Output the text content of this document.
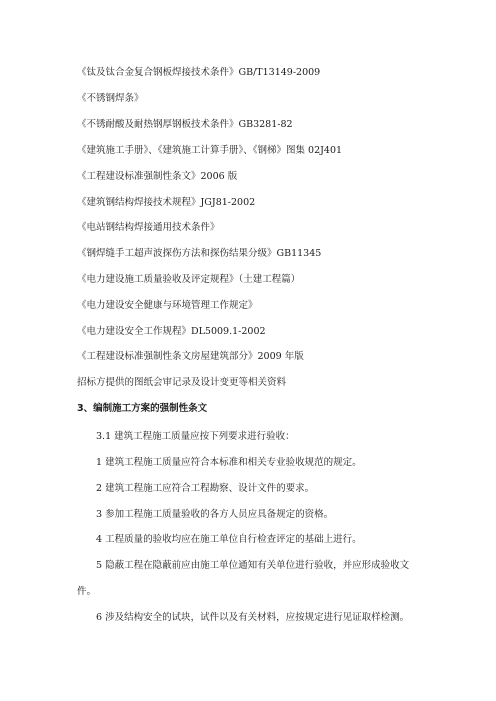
《钛及钛合金复合钢板焊接技术条件》GB/T13149-2009
《不锈钢焊条》
《不锈耐酸及耐热钢厚钢板技术条件》GB3281-82
《建筑施工手册》、《建筑施工计算手册》、《钢梯》图集 02J401
《工程建设标准强制性条文》2006 版
《建筑钢结构焊接技术规程》JGJ81-2002
《电站钢结构焊接通用技术条件》
《钢焊缝手工超声波探伤方法和探伤结果分级》GB11345
《电力建设施工质量验收及评定规程》（土建工程篇）
《电力建设安全健康与环境管理工作规定》
《电力建设安全工作规程》DL5009.1-2002
《工程建设标准强制性条文房屋建筑部分》2009 年版
招标方提供的图纸会审记录及设计变更等相关资料
3、编制施工方案的强制性条文
3.1 建筑工程施工质量应按下列要求进行验收：
1 建筑工程施工质量应符合本标准和相关专业验收规范的规定。
2 建筑工程施工应符合工程勘察、设计文件的要求。
3 参加工程施工质量验收的各方人员应具备规定的资格。
4 工程质量的验收均应在施工单位自行检查评定的基础上进行。
5 隐蔽工程在隐蔽前应由施工单位通知有关单位进行验收，并应形成验收文
件。
6 涉及结构安全的试块，试件以及有关材料，应按规定进行见证取样检测。
